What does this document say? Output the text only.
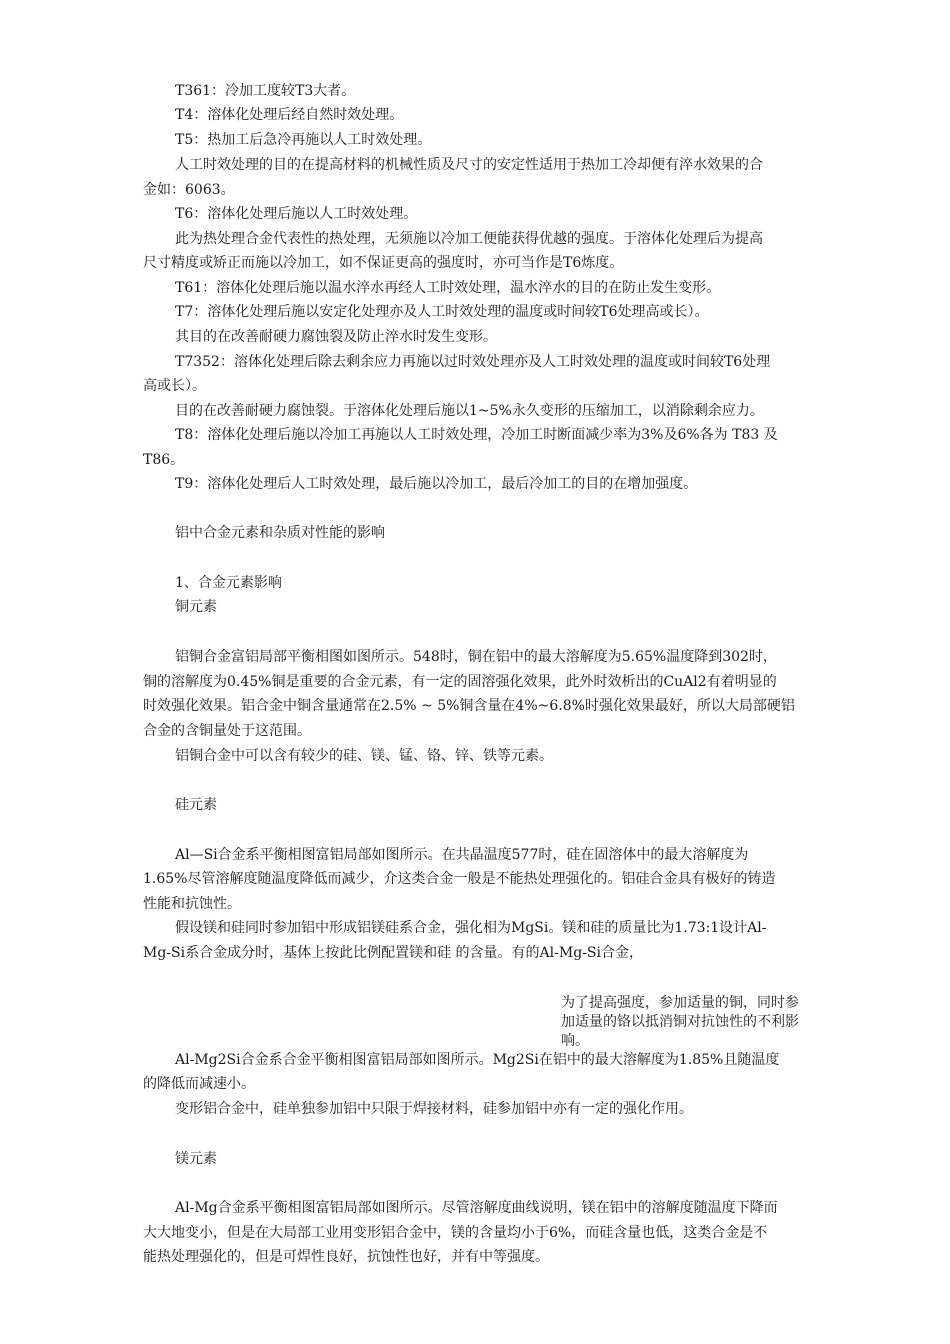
T361：冷加工度较T3大者。
T4：溶体化处理后经自然时效处理。
T5：热加工后急冷再施以人工时效处理。
人工时效处理的目的在提高材料的机械性质及尺寸的安定性适用于热加工冷却便有淬水效果的合
金如：6063。
T6：溶体化处理后施以人工时效处理。
此为热处理合金代表性的热处理，无须施以冷加工便能获得优越的强度。于溶体化处理后为提高
尺寸精度或矫正而施以冷加工，如不保证更高的强度时，亦可当作是T6炼度。
T61：溶体化处理后施以温水淬水再经人工时效处理，温水淬水的目的在防止发生变形。
T7：溶体化处理后施以安定化处理亦及人工时效处理的温度或时间较T6处理高或长）。
其目的在改善耐硬力腐蚀裂及防止淬水时发生变形。
T7352：溶体化处理后除去剩余应力再施以过时效处理亦及人工时效处理的温度或时间较T6处理
高或长）。
目的在改善耐硬力腐蚀裂。于溶体化处理后施以1~5%永久变形的压缩加工，以消除剩余应力。
T8：溶体化处理后施以冷加工再施以人工时效处理，冷加工时断面减少率为3%及6%各为 T83 及
T86。
T9：溶体化处理后人工时效处理，最后施以冷加工，最后冷加工的目的在增加强度。
铝中合金元素和杂质对性能的影响
1、合金元素影响
铜元素
铝铜合金富铝局部平衡相图如图所示。548时，铜在铝中的最大溶解度为5.65%温度降到302时，
铜的溶解度为0.45%铜是重要的合金元素，有一定的固溶强化效果，此外时效析出的CuAl2有着明显的
时效强化效果。铝合金中铜含量通常在2.5% ~ 5%铜含量在4%~6.8%时强化效果最好，所以大局部硬铝
合金的含铜量处于这范围。
铝铜合金中可以含有较少的硅、镁、锰、铬、锌、铁等元素。
硅元素
Al—Si合金系平衡相图富铝局部如图所示。在共晶温度577时，硅在固溶体中的最大溶解度为
1.65%尽管溶解度随温度降低而减少，介这类合金一般是不能热处理强化的。铝硅合金具有极好的铸造
性能和抗蚀性。
假设镁和硅同时参加铝中形成铝镁硅系合金，强化相为MgSi。镁和硅的质量比为1.73:1设计Al-
Mg-Si系合金成分时，基体上按此比例配置镁和硅 的含量。有的Al-Mg-Si合金，
为了提高强度，参加适量的铜，同时参
加适量的铬以抵消铜对抗蚀性的不利影
响。
Al-Mg2Si合金系合金平衡相图富铝局部如图所示。Mg2Si在铝中的最大溶解度为1.85%且随温度
的降低而减速小。
变形铝合金中，硅单独参加铝中只限于焊接材料，硅参加铝中亦有一定的强化作用。
镁元素
Al-Mg合金系平衡相图富铝局部如图所示。尽管溶解度曲线说明，镁在铝中的溶解度随温度下降而
大大地变小，但是在大局部工业用变形铝合金中，镁的含量均小于6%，而硅含量也低，这类合金是不
能热处理强化的，但是可焊性良好，抗蚀性也好，并有中等强度。
